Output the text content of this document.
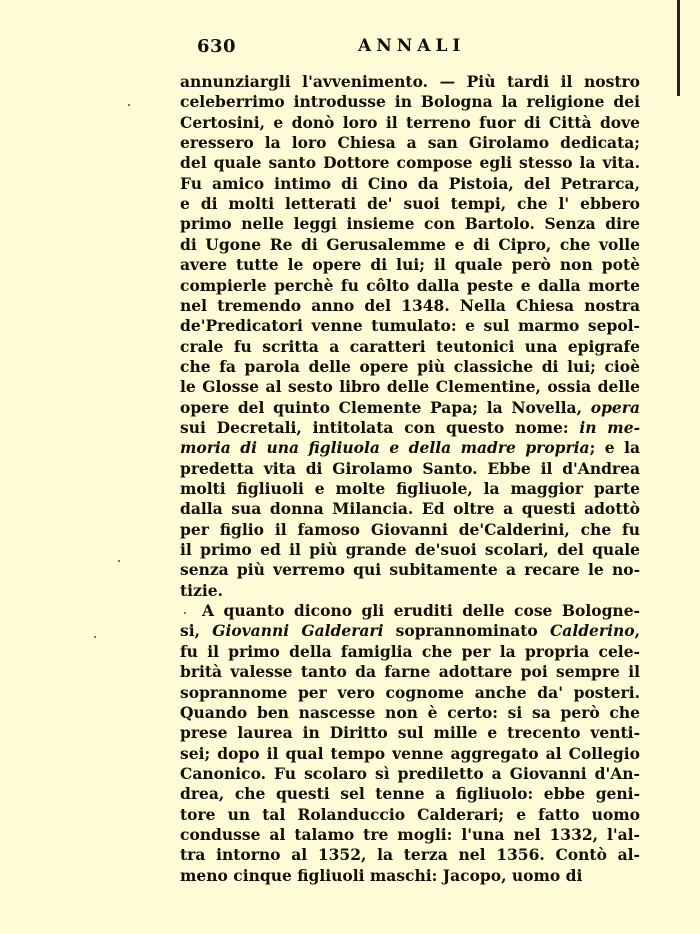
630	ANNALI
annunziargli l'avvenimento. — Più tardi il nostro
celeberrimo introdusse in Bologna la religione dei
Certosini, e donò loro il terreno fuor di Città dove
eressero la loro Chiesa a san Girolamo dedicata;
del quale santo Dottore compose egli stesso la vita.
Fu amico intimo di Cino da Pistoia, del Petrarca,
e di molti letterati de' suoi tempi, che l' ebbero
primo nelle leggi insieme con Bartolo. Senza dire
di Ugone Re di Gerusalemme e di Cipro, che volle
avere tutte le opere di lui; il quale però non potè
compierle perchè fu côlto dalla peste e dalla morte
nel tremendo anno del 1348. Nella Chiesa nostra
de'Predicatori venne tumulato: e sul marmo sepol-
crale fu scritta a caratteri teutonici una epigrafe
che fa parola delle opere più classiche di lui; cioè
le Glosse al sesto libro delle Clementine, ossia delle
opere del quinto Clemente Papa; la Novella, opera
sui Decretali, intitolata con questo nome: in me-
moria di una figliuola e della madre propria; e la
predetta vita di Girolamo Santo. Ebbe il d'Andrea
molti figliuoli e molte figliuole, la maggior parte
dalla sua donna Milancia. Ed oltre a questi adottò
per figlio il famoso Giovanni de'Calderini, che fu
il primo ed il più grande de'suoi scolari, del quale
senza più verremo qui subitamente a recare le no-
tizie.
A quanto dicono gli eruditi delle cose Bologne-
si, Giovanni Galderari soprannominato Calderino,
fu il primo della famiglia che per la propria cele-
brità valesse tanto da farne adottare poi sempre il
soprannome per vero cognome anche da' posteri.
Quando ben nascesse non è certo: si sa però che
prese laurea in Diritto sul mille e trecento venti-
sei; dopo il qual tempo venne aggregato al Collegio
Canonico. Fu scolaro sì prediletto a Giovanni d'An-
drea, che questi sel tenne a figliuolo: ebbe geni-
tore un tal Rolanduccio Calderari; e fatto uomo
condusse al talamo tre mogli: l'una nel 1332, l'al-
tra intorno al 1352, la terza nel 1356. Contò al-
meno cinque figliuoli maschi: Jacopo, uomo di
